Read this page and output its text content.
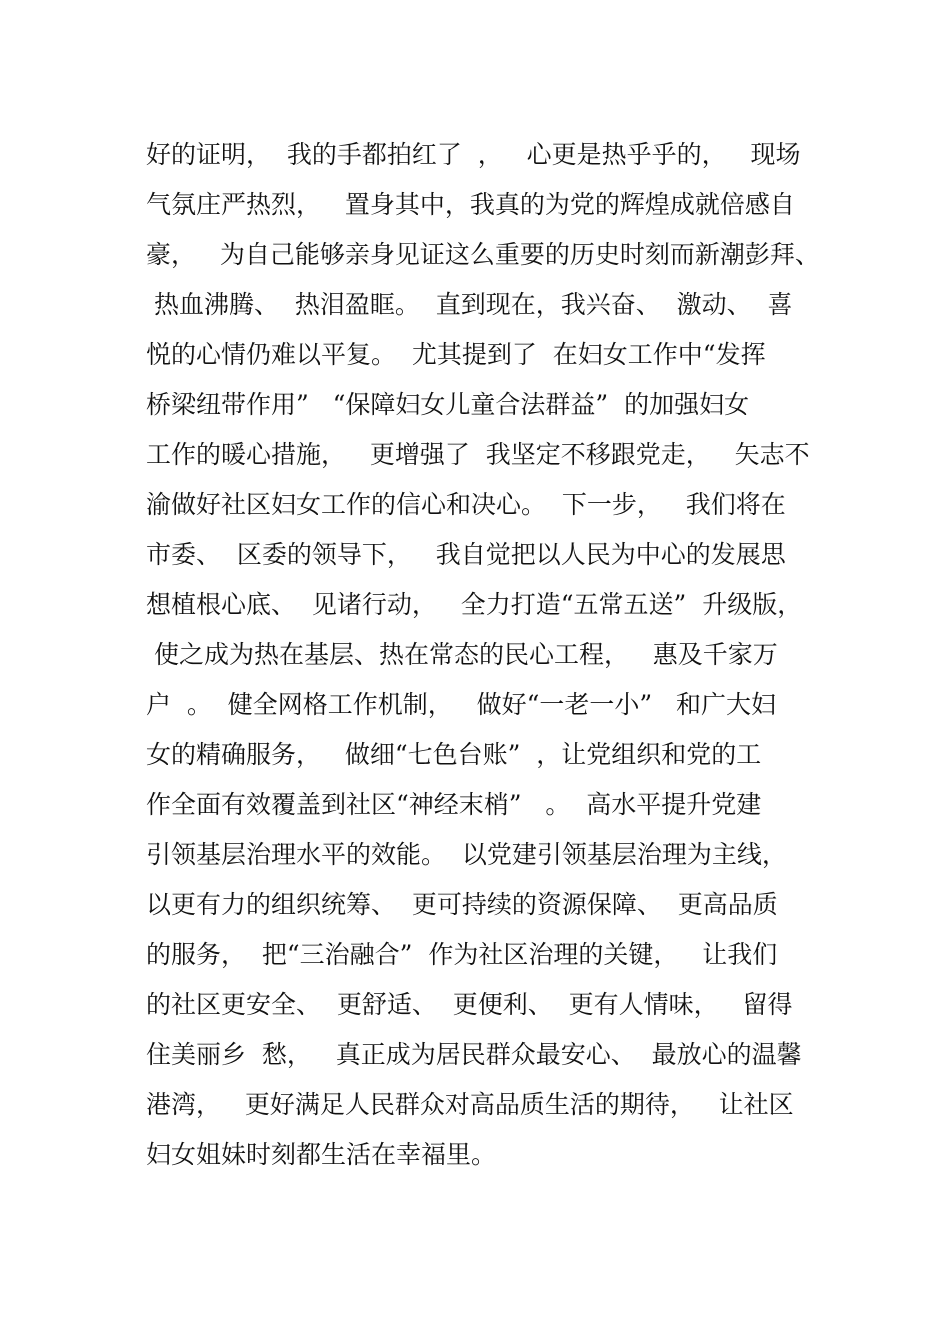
好的证明，  我的手都拍红了  ，   心更是热乎乎的，   现场
气氛庄严热烈，   置身其中，我真的为党的辉煌成就倍感自
豪，   为自己能够亲身见证这么重要的历史时刻而新潮彭拜、
热血沸腾、  热泪盈眶。  直到现在，我兴奋、  激动、  喜
悦的心情仍难以平复。  尤其提到了  在妇女工作中“发挥
桥梁纽带作用”   “保障妇女儿童合法群益”  的加强妇女
工作的暖心措施，   更增强了  我坚定不移跟党走，   矢志不
渝做好社区妇女工作的信心和决心。  下一步，   我们将在
市委、  区委的领导下，   我自觉把以人民为中心的发展思
想植根心底、  见诸行动，   全力打造“五常五送”  升级版，
使之成为热在基层、热在常态的民心工程，   惠及千家万
户  。  健全网格工作机制，   做好“一老一小”   和广大妇
女的精确服务，   做细“七色台账”  ，让党组织和党的工
作全面有效覆盖到社区“神经末梢”   。  高水平提升党建
引领基层治理水平的效能。  以党建引领基层治理为主线，
以更有力的组织统筹、  更可持续的资源保障、  更高品质
的服务，  把“三治融合”  作为社区治理的关键，   让我们
的社区更安全、  更舒适、  更便利、  更有人情味，   留得
住美丽乡  愁，   真正成为居民群众最安心、  最放心的温馨
港湾，   更好满足人民群众对高品质生活的期待，   让社区
妇女姐妹时刻都生活在幸福里。
